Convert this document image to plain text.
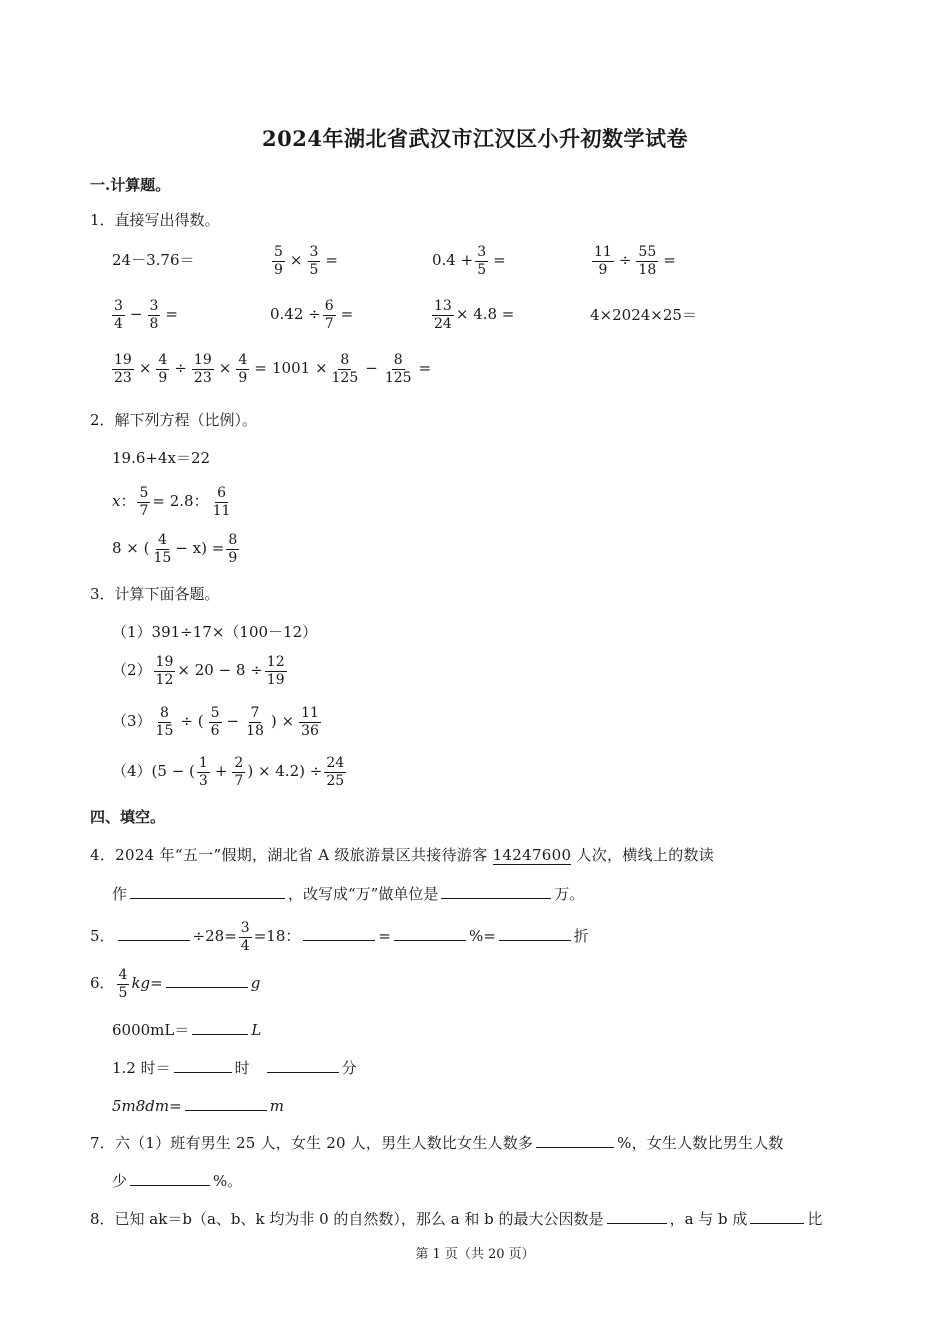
2024年湖北省武汉市江汉区小升初数学试卷
一.计算题。
1．直接写出得数。
24－3.76＝	$\frac{5}{9} \times \frac{3}{5}$ =	$0.4 + \frac{3}{5}$ =	$\frac{11}{9} \div \frac{55}{18}$ =
$\frac{3}{4} - \frac{3}{8}$ =	$0.42 \div \frac{6}{7}$ =	$\frac{13}{24} \times 4.8$ =	4×2024×25＝
$\frac{19}{23} \times \frac{4}{9} \div \frac{19}{23} \times \frac{4}{9} = 1001 \times \frac{8}{125} - \frac{8}{125}$ =
2．解下列方程（比例）。
19.6+4x＝22
x： $\frac{5}{7} = 2.8$： $\frac{6}{11}$
8 × ( $\frac{4}{15} - x) = \frac{8}{9}$
3．计算下面各题。
（1）391÷17×（100－12）
$(2) \frac{19}{12} \times 20 - 8 \div \frac{12}{19}$
$(3) \frac{8}{15}$ ÷ ( $\frac{5}{6} - \frac{7}{18}$ ) × $\frac{11}{36}$
（4）(5 − ( $\frac{1}{3} + \frac{2}{7}$ ) × $4.2) \div \frac{24}{25}$
四、填空。
4．2024 年“五一”假期，湖北省 A 级旅游景区共接待游客 14247600 人次，横线上的数读
作	，改写成“万”做单位是	万。
5．	$\div 28= \frac{3}{4} =18$：	=	%=	折
6． $\frac{4}{5} kg=$	g
6000mL＝	L
1.2 时＝	时	分
5m8dm=	m
7．六（1）班有男生 25 人，女生 20 人，男生人数比女生人数多	%，女生人数比男生人数
少	%。
8．已知 ak＝b（a、b、k 均为非 0 的自然数），那么 a 和 b 的最大公因数是	，a 与 b 成	比
第 1 页（共 20 页）
